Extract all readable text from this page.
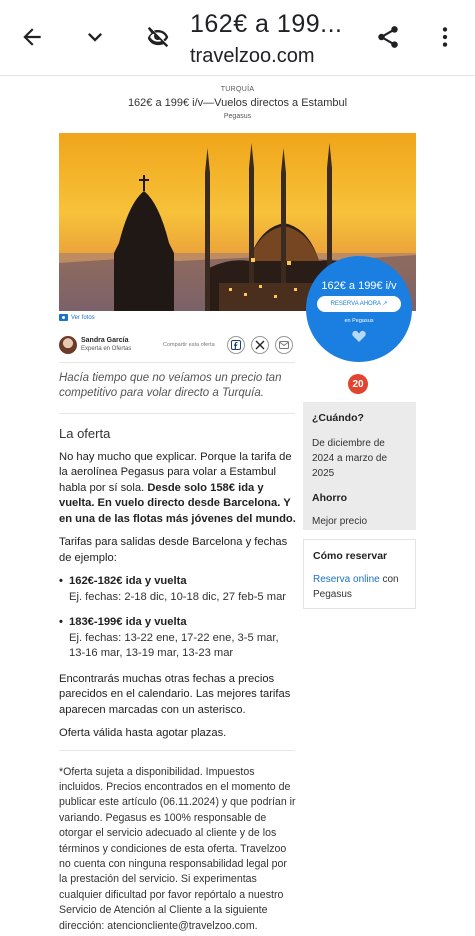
162€ a 199...
travelzoo.com
TURQUÍA
162€ a 199€ i/v—Vuelos directos a Estambul
Pegasus
Ver fotos
Sandra García
Experta en Ofertas
Compartir esta oferta
162€ a 199€ i/v
RESERVA AHORA ↗
en Pegasus
20
Hacía tiempo que no veíamos un precio tan competitivo para volar directo a Turquía.
La oferta
No hay mucho que explicar. Porque la tarifa de la aerolínea Pegasus para volar a Estambul habla por sí sola. Desde solo 158€ ida y vuelta. En vuelo directo desde Barcelona. Y en una de las flotas más jóvenes del mundo.
Tarifas para salidas desde Barcelona y fechas de ejemplo:
• 162€-182€ ida y vuelta
Ej. fechas: 2-18 dic, 10-18 dic, 27 feb-5 mar
• 183€-199€ ida y vuelta
Ej. fechas: 13-22 ene, 17-22 ene, 3-5 mar, 13-16 mar, 13-19 mar, 13-23 mar
Encontrarás muchas otras fechas a precios parecidos en el calendario. Las mejores tarifas aparecen marcadas con un asterisco.
Oferta válida hasta agotar plazas.
*Oferta sujeta a disponibilidad. Impuestos incluidos. Precios encontrados en el momento de publicar este artículo (06.11.2024) y que podrían ir variando. Pegasus es 100% responsable de otorgar el servicio adecuado al cliente y de los términos y condiciones de esta oferta. Travelzoo no cuenta con ninguna responsabilidad legal por la prestación del servicio. Si experimentas cualquier dificultad por favor repórtalo a nuestro Servicio de Atención al Cliente a la siguiente dirección: atencioncliente@travelzoo.com.
¿Cuándo?
De diciembre de 2024 a marzo de 2025
Ahorro
Mejor precio
Cómo reservar
Reserva online con Pegasus
